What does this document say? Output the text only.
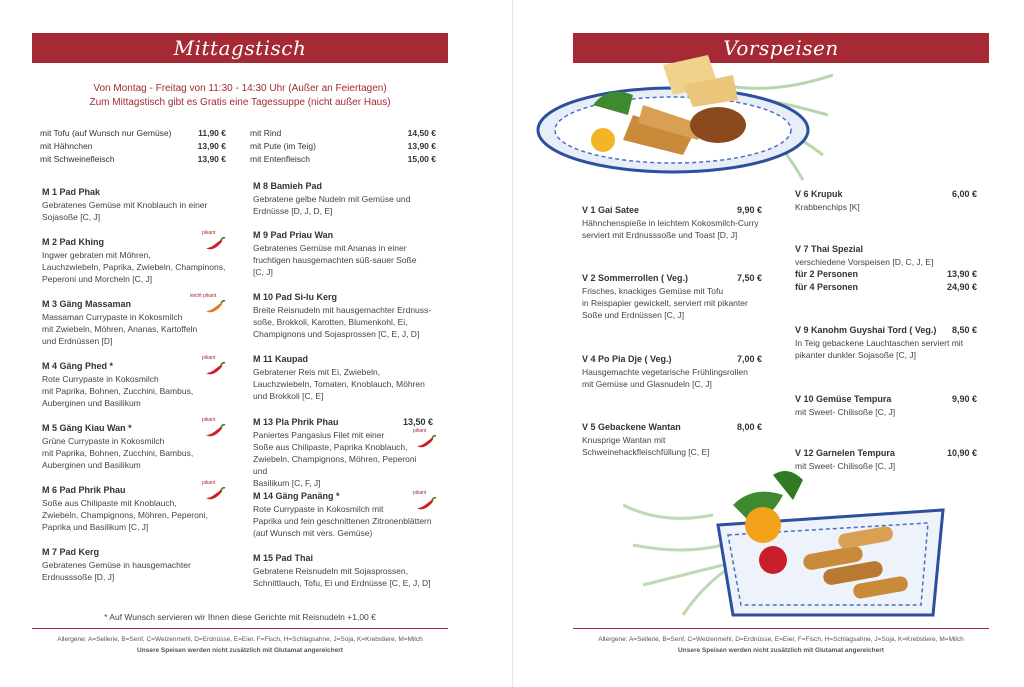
Mittagstisch
Von Montag - Freitag von 11:30 - 14:30 Uhr (Außer an Feiertagen)
Zum Mittagstisch gibt es Gratis eine Tagessuppe (nicht außer Haus)
mit Tofu (auf Wunsch nur Gemüse)	11,90 €
mit Hähnchen	13,90 €
mit Schweinefleisch	13,90 €
mit Rind	14,50 €
mit Pute (im Teig)	13,90 €
mit Entenfleisch	15,00 €
M 1 Pad Phak
Gebratenes Gemüse mit Knoblauch in einer
Sojasoße [C, J]
M 2 Pad Khing
Ingwer gebraten mit Möhren,
Lauchzwiebeln, Paprika, Zwiebeln, Champinons,
Peperoni und Morcheln [C, J]
M 3 Gäng Massaman
Massaman Currypaste in Kokosmilch
mit Zwiebeln, Möhren, Ananas, Kartoffeln
und Erdnüssen [D]
M 4 Gäng Phed *
Rote Currypaste in Kokosmilch
mit Paprika, Bohnen, Zucchini, Bambus,
Auberginen und Basilikum
M 5 Gäng Kiau Wan *
Grüne Currypaste in Kokosmilch
mit Paprika, Bohnen, Zucchini, Bambus,
Auberginen und Basilikum
M 6 Pad Phrik Phau
Soße aus Chilipaste mit Knoblauch,
Zwiebeln, Champignons, Möhren, Peperoni,
Paprika und Basilikum [C, J]
M 7 Pad Kerg
Gebratenes Gemüse in hausgemachter
Erdnusssoße [D, J]
M 8 Bamieh Pad
Gebratene gelbe Nudeln mit Gemüse und
Erdnüsse [D, J, D, E]
M 9 Pad Priau Wan
Gebratenes Gemüse mit Ananas in einer
fruchtigen hausgemachten süß-sauer Soße
[C, J]
M 10 Pad Si-lu Kerg
Breite Reisnudeln mit hausgemachter Erdnuss-
soße, Brokkoli, Karotten, Blumenkohl, Ei,
Champignons und Sojasprossen [C, E, J, D]
M 11 Kaupad
Gebratener Reis mit Ei, Zwiebeln,
Lauchzwiebeln, Tomaten, Knoblauch, Möhren
und Brokkoli [C, E]
M 13 Pla Phrik Phau	13,50 €
Paniertes Pangasius Filet mit einer
Soße aus Chilipaste, Paprika Knoblauch,
Zwiebeln, Champignons, Möhren, Peperoni und
Basilikum [C, F, J]
M 14 Gäng Panäng *
Rote Currypaste in Kokosmilch mit
Paprika und fein geschnittenen Zitronenblättern
(auf Wunsch mit vers. Gemüse)
M 15 Pad Thai
Gebratene Reisnudeln mit Sojasprossen,
Schnittlauch, Tofu, Ei und Erdnüsse [C, E, J, D]
pikant
leicht pikant
pikant
pikant
pikant
pikant
pikant
* Auf Wunsch servieren wir Ihnen diese Gerichte mit Reisnudeln +1,00 €
Allergene: A=Sellerie, B=Senf, C=Weizenmehl, D=Erdnüsse, E=Eier, F=Fisch, H=Schlagsahne, J=Soja, K=Krebstiere, M=Milch
Unsere Speisen werden nicht zusätzlich mit Glutamat angereichert
Vorspeisen
V 1 Gai Satee	9,90 €
Hähnchenspieße in leichtem Kokosmilch-Curry
serviert mit Erdnusssoße und Toast [D, J]
V 2 Sommerrollen ( Veg.)	7,50 €
Frisches, knackiges Gemüse mit Tofu
in Reispapier gewickelt, serviert mit pikanter
Soße und Erdnüssen [C, J]
V 4 Po Pia Dje ( Veg.)	7,00 €
Hausgemachte vegetarische Frühlingsrollen
mit Gemüse und Glasnudeln [C, J]
V 5 Gebackene Wantan	8,00 €
Knusprige Wantan mit
Schweinehackfleischfüllung [C, E]
V 6 Krupuk	6,00 €
Krabbenchips [K]
V 7 Thai Spezial
verschiedene Vorspeisen [D, C, J, E]
für 2 Personen	13,90 €
für 4 Personen	24,90 €
V 9 Kanohm Guyshai Tord ( Veg.) 8,50 €
In Teig gebackene Lauchtaschen serviert mit
pikanter dunkler Sojasoße [C, J]
V 10 Gemüse Tempura	9,90 €
mit Sweet- Chilisoße [C, J]
V 12 Garnelen Tempura	10,90 €
mit Sweet- Chilisoße [C, J]
Allergene: A=Sellerie, B=Senf, C=Weizenmehl, D=Erdnüsse, E=Eier, F=Fisch, H=Schlagsahne, J=Soja, K=Krebstiere, M=Milch
Unsere Speisen werden nicht zusätzlich mit Glutamat angereichert
